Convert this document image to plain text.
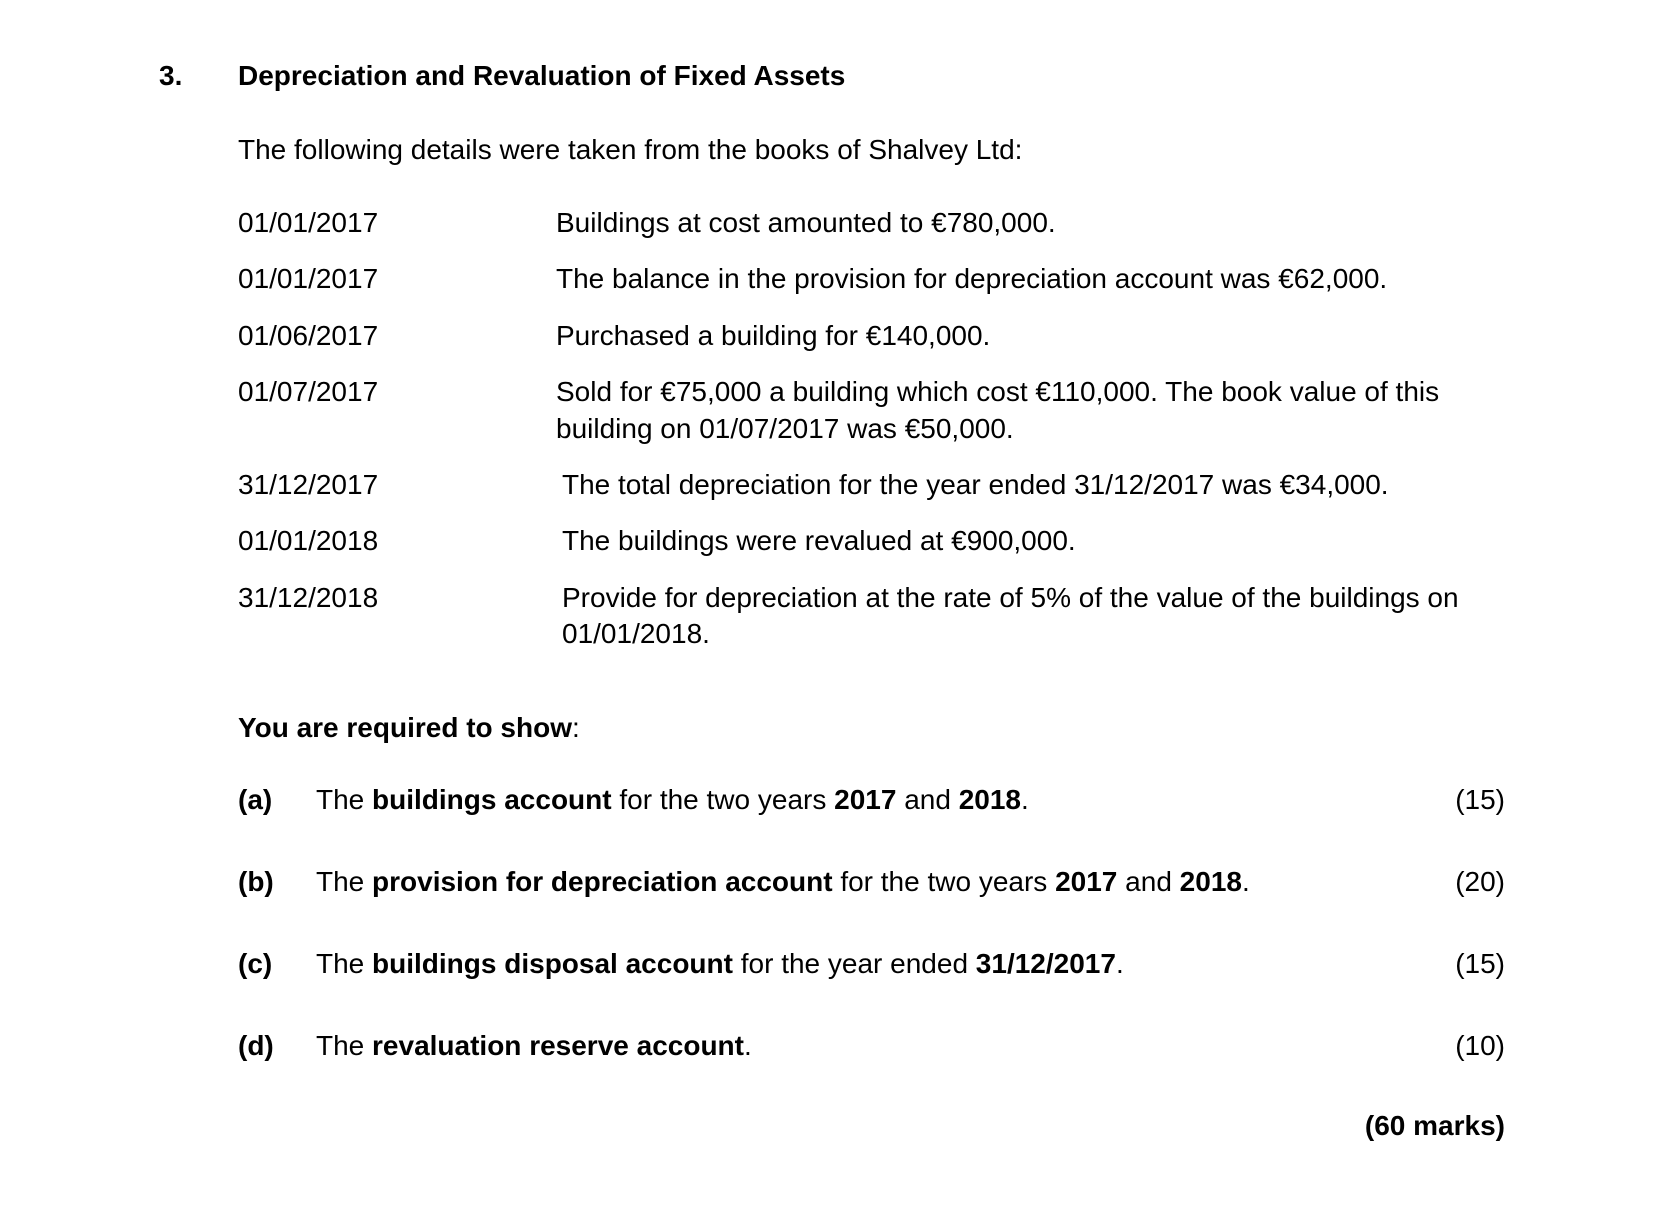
3. Depreciation and Revaluation of Fixed Assets
The following details were taken from the books of Shalvey Ltd:
01/01/2017	Buildings at cost amounted to €780,000.
01/01/2017	The balance in the provision for depreciation account was €62,000.
01/06/2017	Purchased a building for €140,000.
01/07/2017	Sold for €75,000 a building which cost €110,000. The book value of this building on 01/07/2017 was €50,000.
31/12/2017	The total depreciation for the year ended 31/12/2017 was €34,000.
01/01/2018	The buildings were revalued at €900,000.
31/12/2018	Provide for depreciation at the rate of 5% of the value of the buildings on 01/01/2018.
You are required to show:
(a)	The buildings account for the two years 2017 and 2018.	(15)
(b)	The provision for depreciation account for the two years 2017 and 2018.	(20)
(c)	The buildings disposal account for the year ended 31/12/2017.	(15)
(d)	The revaluation reserve account.	(10)
(60 marks)
